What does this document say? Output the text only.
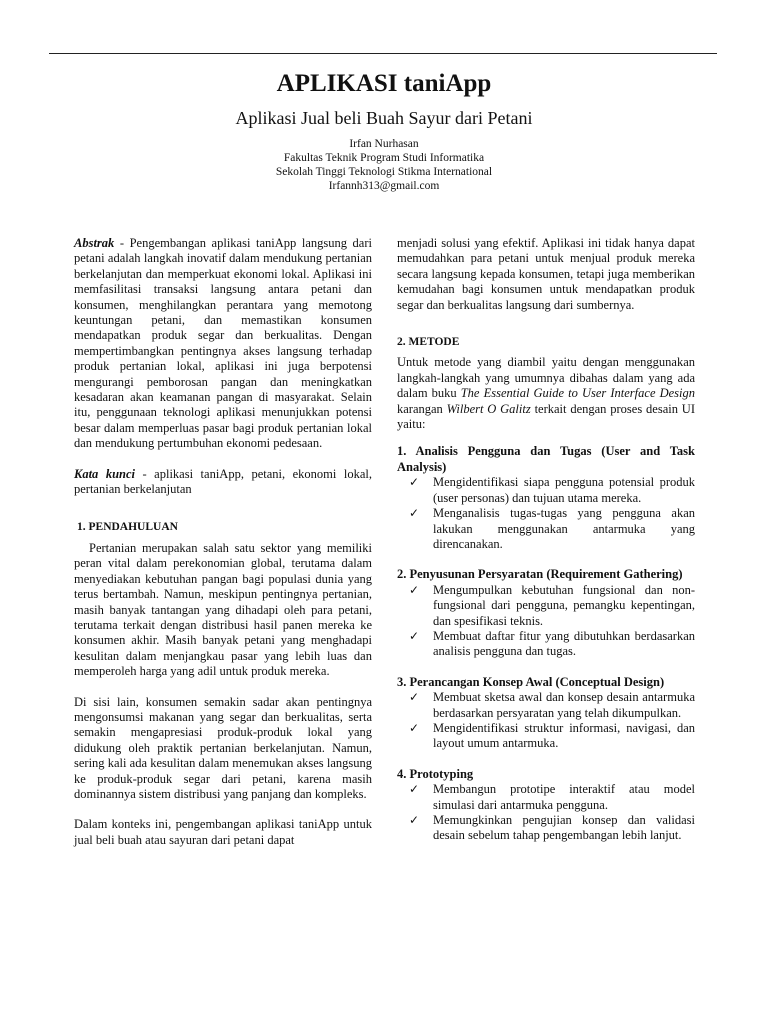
APLIKASI taniApp
Aplikasi Jual beli Buah Sayur dari Petani
Irfan Nurhasan
Fakultas Teknik Program Studi Informatika
Sekolah Tinggi Teknologi Stikma International
Irfannh313@gmail.com

Abstrak - Pengembangan aplikasi taniApp langsung dari petani adalah langkah inovatif dalam mendukung pertanian berkelanjutan dan memperkuat ekonomi lokal. Aplikasi ini memfasilitasi transaksi langsung antara petani dan konsumen, menghilangkan perantara yang memotong keuntungan petani, dan memastikan konsumen mendapatkan produk segar dan berkualitas. Dengan mempertimbangkan pentingnya akses langsung terhadap produk pertanian lokal, aplikasi ini juga berpotensi mengurangi pemborosan pangan dan meningkatkan kesadaran akan keamanan pangan di masyarakat. Selain itu, penggunaan teknologi aplikasi menunjukkan potensi besar dalam memperluas pasar bagi produk pertanian lokal dan mendukung pertumbuhan ekonomi pedesaan.

Kata kunci - aplikasi taniApp, petani, ekonomi lokal, pertanian berkelanjutan

1. PENDAHULUAN

Pertanian merupakan salah satu sektor yang memiliki peran vital dalam perekonomian global, terutama dalam menyediakan kebutuhan pangan bagi populasi dunia yang terus bertambah. Namun, meskipun pentingnya pertanian, masih banyak tantangan yang dihadapi oleh para petani, terutama terkait dengan distribusi hasil panen mereka ke konsumen akhir. Masih banyak petani yang menghadapi kesulitan dalam menjangkau pasar yang lebih luas dan memperoleh harga yang adil untuk produk mereka.

Di sisi lain, konsumen semakin sadar akan pentingnya mengonsumsi makanan yang segar dan berkualitas, serta semakin mengapresiasi produk-produk lokal yang didukung oleh praktik pertanian berkelanjutan. Namun, sering kali ada kesulitan dalam menemukan akses langsung ke produk-produk segar dari petani, karena masih dominannya sistem distribusi yang panjang dan kompleks.

Dalam konteks ini, pengembangan aplikasi taniApp untuk jual beli buah atau sayuran dari petani dapat

menjadi solusi yang efektif. Aplikasi ini tidak hanya dapat memudahkan para petani untuk menjual produk mereka secara langsung kepada konsumen, tetapi juga memberikan kemudahan bagi konsumen untuk mendapatkan produk segar dan berkualitas langsung dari sumbernya.

2. METODE

Untuk metode yang diambil yaitu dengan menggunakan langkah-langkah yang umumnya dibahas dalam yang ada dalam buku The Essential Guide to User Interface Design karangan Wilbert O Galitz terkait dengan proses desain UI yaitu:

1. Analisis Pengguna dan Tugas (User and Task Analysis)

✓ Mengidentifikasi siapa pengguna potensial produk (user personas) dan tujuan utama mereka.
✓ Menganalisis tugas-tugas yang pengguna akan lakukan menggunakan antarmuka yang direncanakan.

2. Penyusunan Persyaratan (Requirement Gathering)

✓ Mengumpulkan kebutuhan fungsional dan non-fungsional dari pengguna, pemangku kepentingan, dan spesifikasi teknis.
✓ Membuat daftar fitur yang dibutuhkan berdasarkan analisis pengguna dan tugas.

3. Perancangan Konsep Awal (Conceptual Design)

✓ Membuat sketsa awal dan konsep desain antarmuka berdasarkan persyaratan yang telah dikumpulkan.
✓ Mengidentifikasi struktur informasi, navigasi, dan layout umum antarmuka.

4. Prototyping

✓ Membangun prototipe interaktif atau model simulasi dari antarmuka pengguna.
✓ Memungkinkan pengujian konsep dan validasi desain sebelum tahap pengembangan lebih lanjut.
